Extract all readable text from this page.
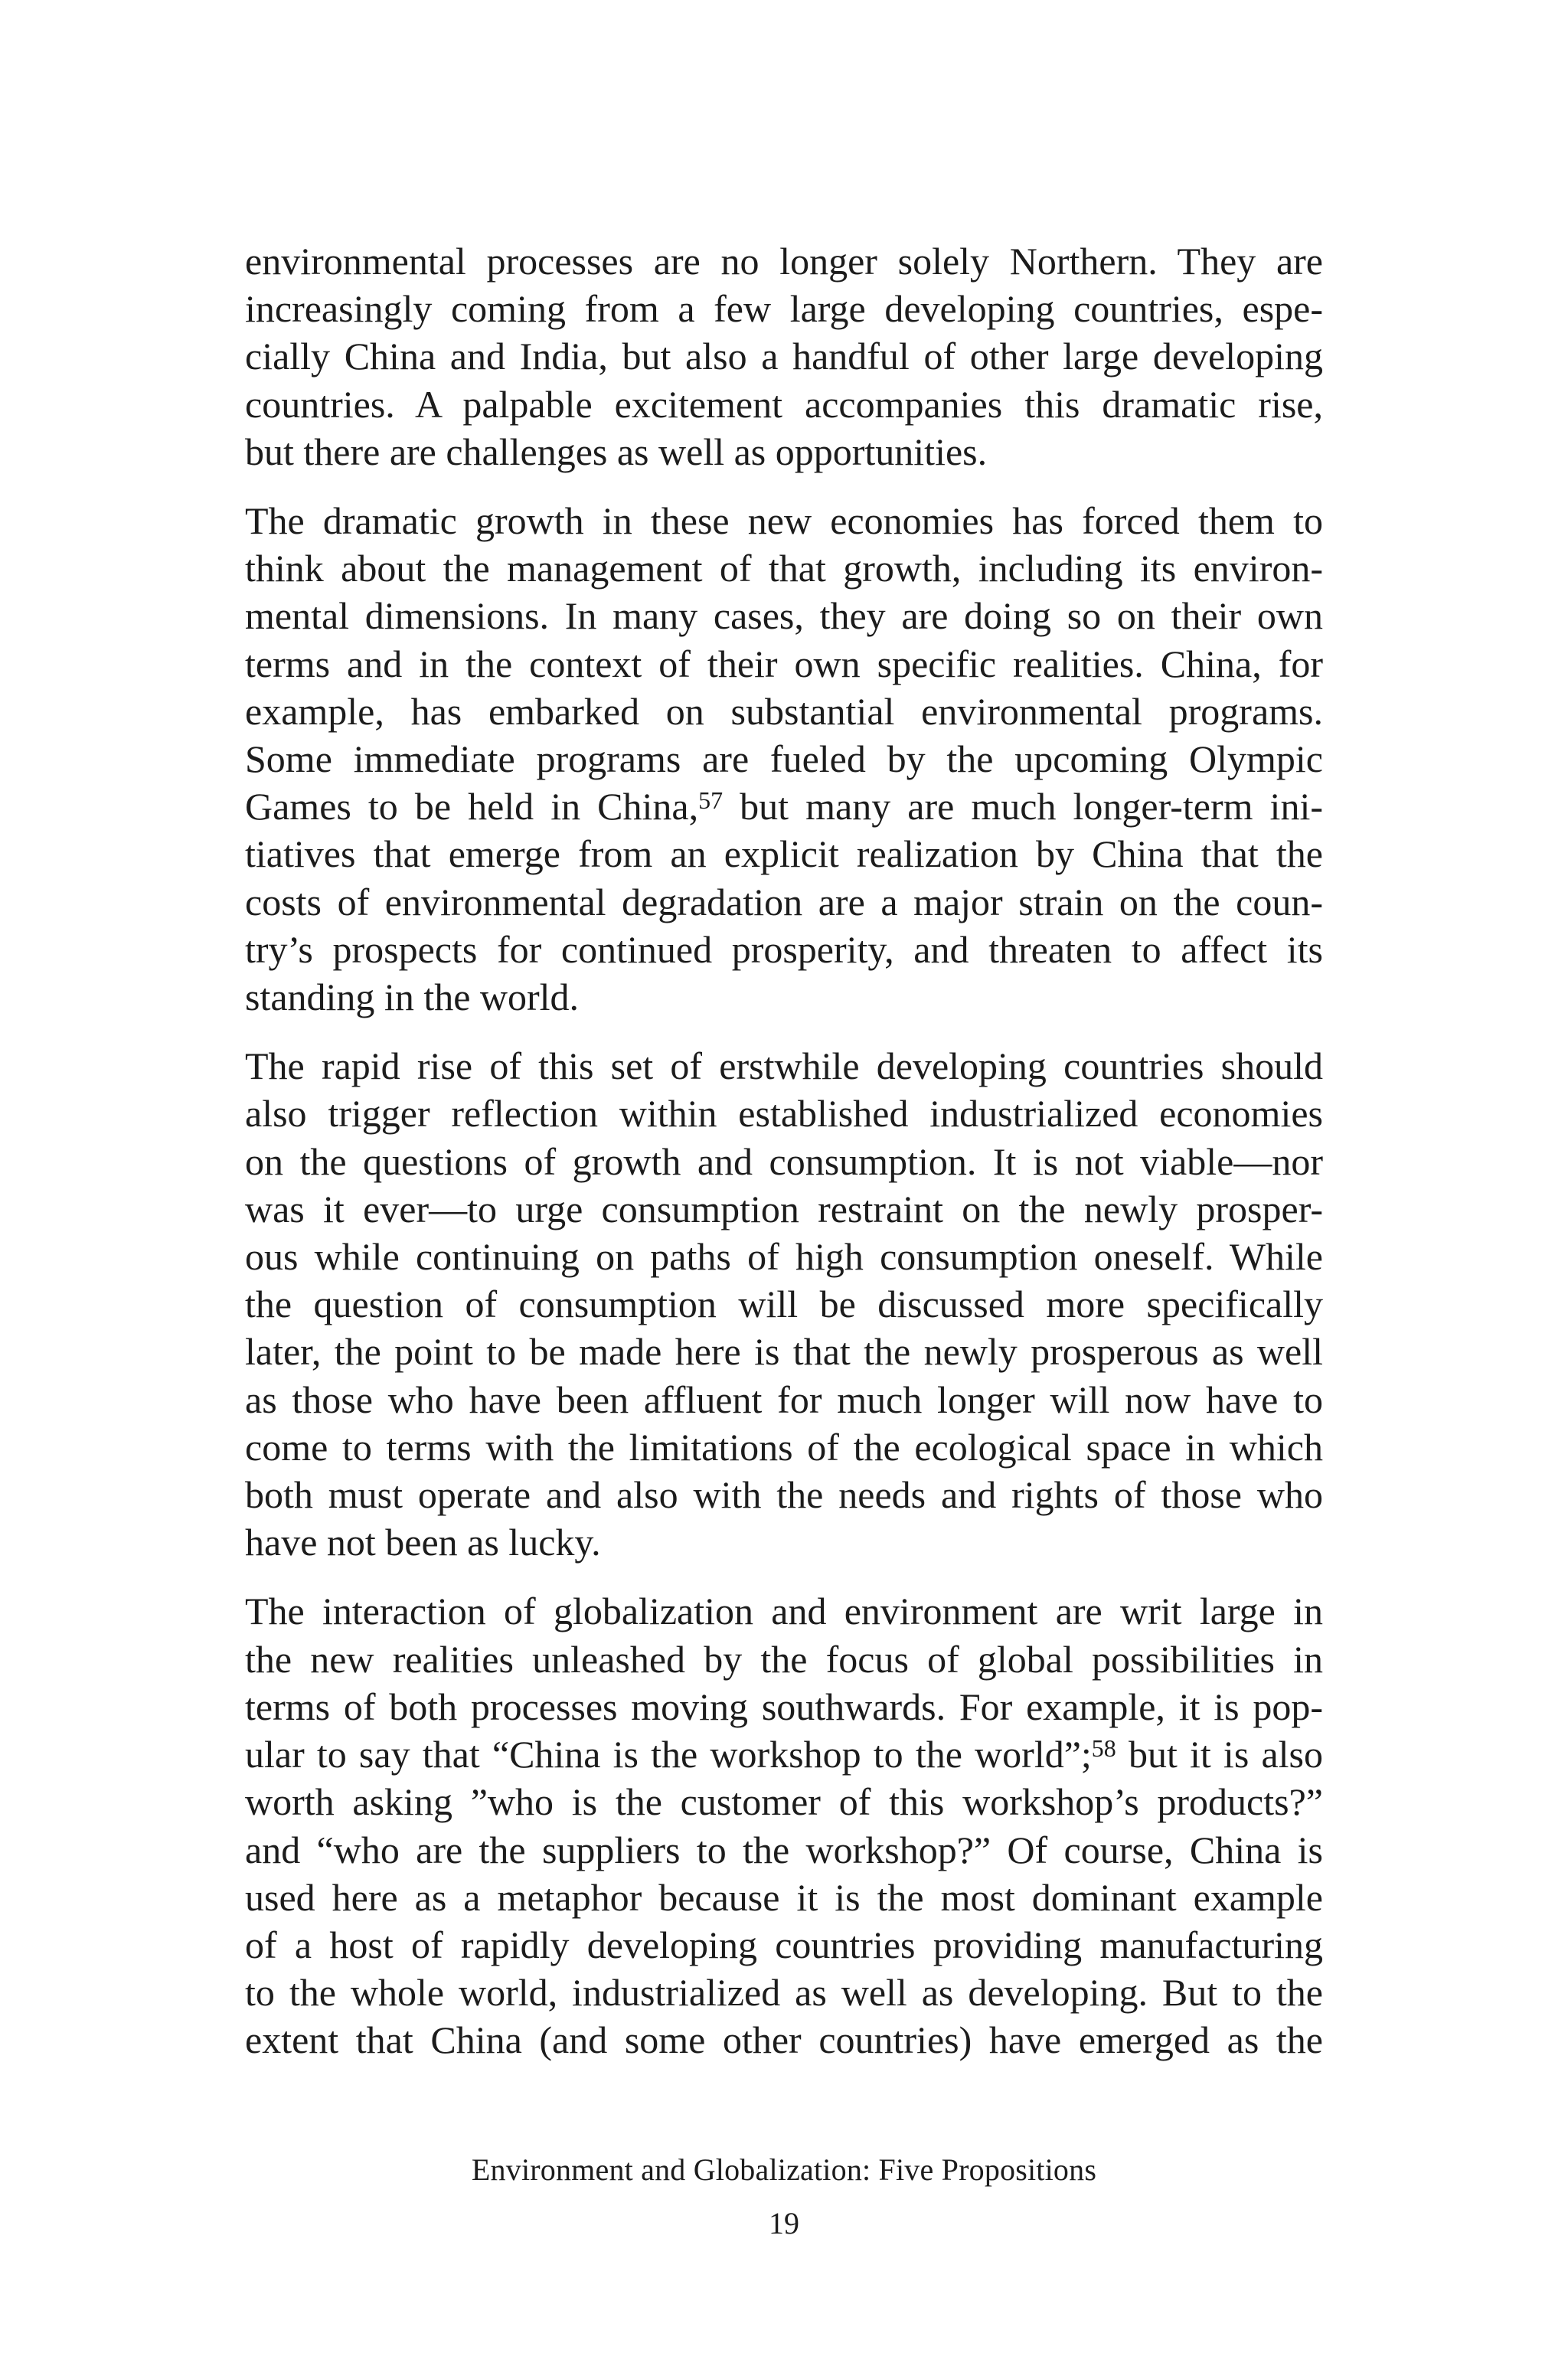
environmental processes are no longer solely Northern. They are
increasingly coming from a few large developing countries, espe-
cially China and India, but also a handful of other large developing
countries. A palpable excitement accompanies this dramatic rise,
but there are challenges as well as opportunities.

The dramatic growth in these new economies has forced them to
think about the management of that growth, including its environ-
mental dimensions. In many cases, they are doing so on their own
terms and in the context of their own specific realities. China, for
example, has embarked on substantial environmental programs.
Some immediate programs are fueled by the upcoming Olympic
Games to be held in China,$^{57}$ but many are much longer-term ini-
tiatives that emerge from an explicit realization by China that the
costs of environmental degradation are a major strain on the coun-
try’s prospects for continued prosperity, and threaten to affect its
standing in the world.

The rapid rise of this set of erstwhile developing countries should
also trigger reflection within established industrialized economies
on the questions of growth and consumption. It is not viable—nor
was it ever—to urge consumption restraint on the newly prosper-
ous while continuing on paths of high consumption oneself. While
the question of consumption will be discussed more specifically
later, the point to be made here is that the newly prosperous as well
as those who have been affluent for much longer will now have to
come to terms with the limitations of the ecological space in which
both must operate and also with the needs and rights of those who
have not been as lucky.

The interaction of globalization and environment are writ large in
the new realities unleashed by the focus of global possibilities in
terms of both processes moving southwards. For example, it is pop-
ular to say that “China is the workshop to the world”;$^{58}$ but it is also
worth asking ”who is the customer of this workshop’s products?”
and “who are the suppliers to the workshop?” Of course, China is
used here as a metaphor because it is the most dominant example
of a host of rapidly developing countries providing manufacturing
to the whole world, industrialized as well as developing. But to the
extent that China (and some other countries) have emerged as the

Environment and Globalization: Five Propositions
19
